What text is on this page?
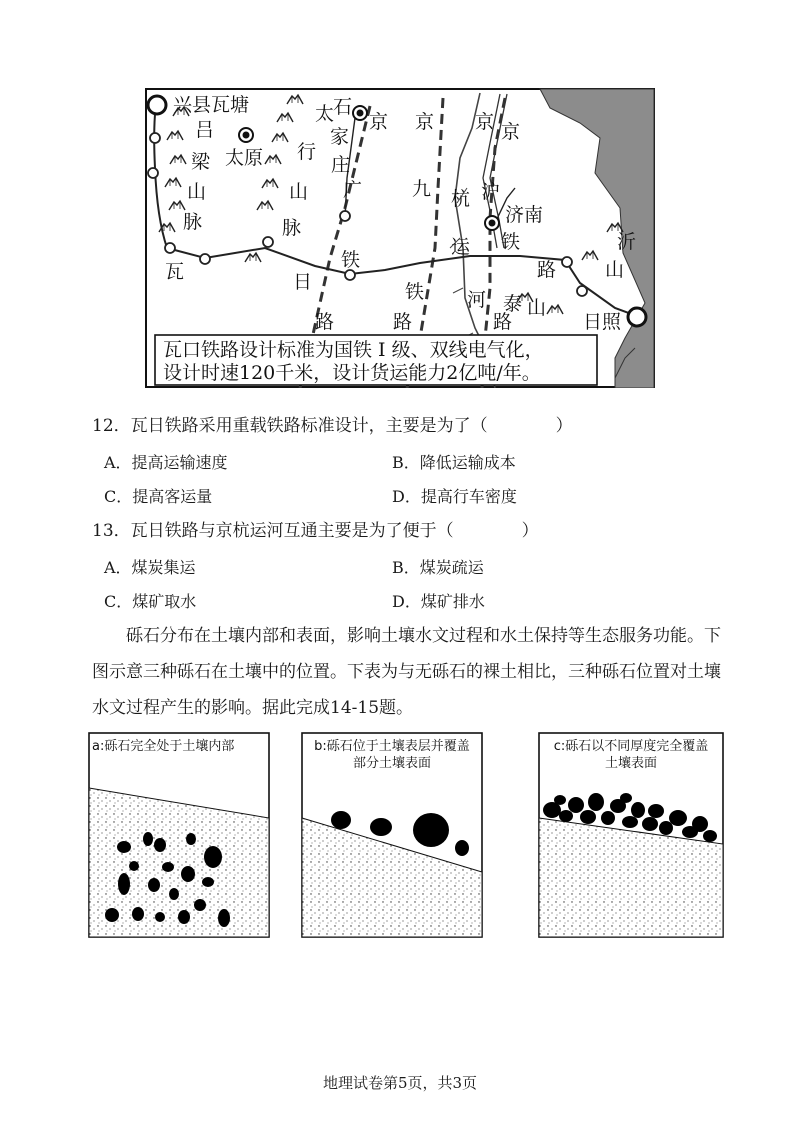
瓦口铁路设计标准为国铁 I 级、双线电气化，
设计时速120千米，设计货运能力2亿吨/年。
兴县瓦塘
吕
梁
山
脉
太原
太
行
山
脉
石
家
庄
京 京 京 京
广	九 杭 沪
济南
铁
铁
铁
运
河
路	路	路
路
瓦	日
泰 山
沂
山
日照
12．瓦日铁路采用重载铁路标准设计，主要是为了（　　　　）
A．提高运输速度	B．降低运输成本
C．提高客运量	D．提高行车密度
13．瓦日铁路与京杭运河互通主要是为了便于（　　　　）
A．煤炭集运	B．煤炭疏运
C．煤矿取水	D．煤矿排水

砾石分布在土壤内部和表面，影响土壤水文过程和水土保持等生态服务功能。下图示意三种砾石在土壤中的位置。下表为与无砾石的裸土相比，三种砾石位置对土壤水文过程产生的影响。据此完成14-15题。

a:砾石完全处于土壤内部	b:砾石位于土壤表层并覆盖
部分土壤表面
c:砾石以不同厚度完全覆盖
土壤表面
地理试卷第5页，共3页
